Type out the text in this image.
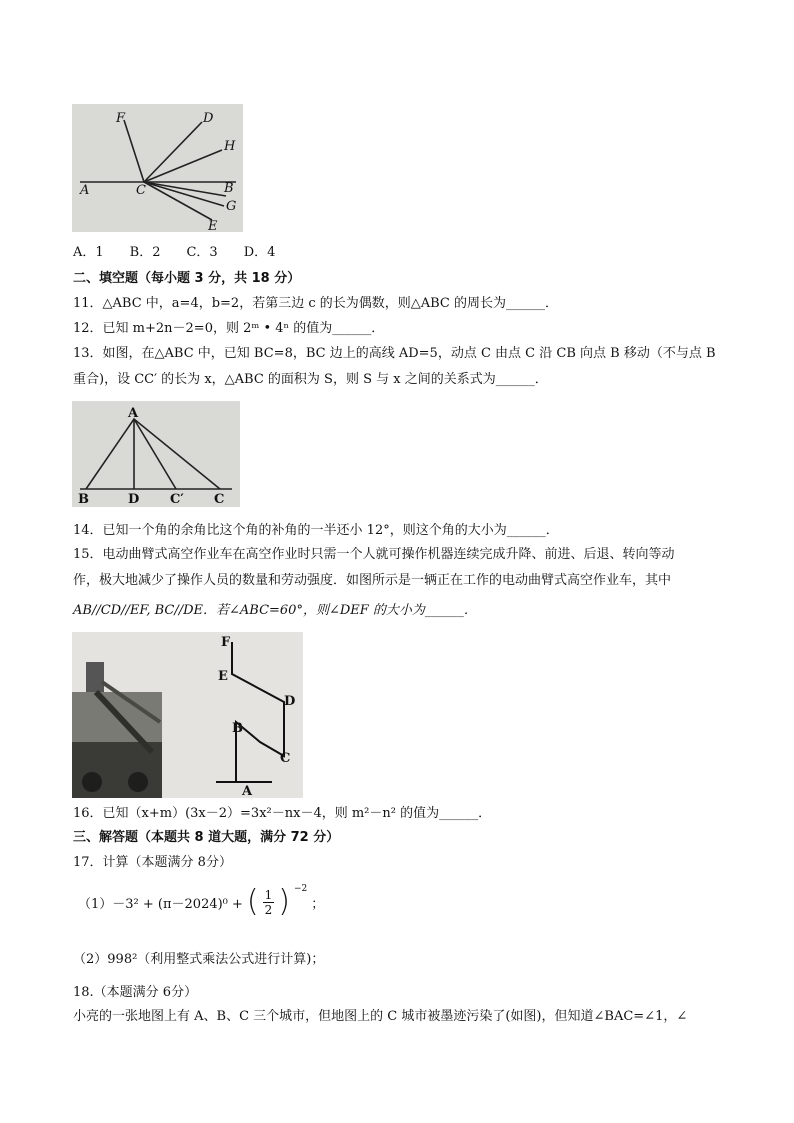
F	D
H
A	C	B
G
E
A．1　　B．2　　C．3　　D．4
二、填空题（每小题 3 分，共 18 分）
11．△ABC 中，a=4，b=2，若第三边 c 的长为偶数，则△ABC 的周长为______．
12．已知 m+2n－2=0，则 2ᵐ • 4ⁿ 的值为______．
13．如图，在△ABC 中，已知 BC=8，BC 边上的高线 AD=5，动点 C 由点 C 沿 CB 向点 B 移动（不与点 B
重合)，设 CC′ 的长为 x，△ABC 的面积为 S，则 S 与 x 之间的关系式为______．
A
B	D C′ C
14．已知一个角的余角比这个角的补角的一半还小 12°，则这个角的大小为______．
15．电动曲臂式高空作业车在高空作业时只需一个人就可操作机器连续完成升降、前进、后退、转向等动
作，极大地减少了操作人员的数量和劳动强度．如图所示是一辆正在工作的电动曲臂式高空作业车，其中
AB//CD//EF, BC//DE．若∠ABC=60°，则∠DEF 的大小为______．
F
E
D
B
C
A
16．已知（x+m）(3x－2）=3x²－nx－4，则 m²－n² 的值为______．
三、解答题（本题共 8 道大题，满分 72 分）
17．计算（本题满分 8分）
（1）－3² + (π－2024)⁰ + ( $\frac{1}{2}$ ) $^{-2}$
；
（2）998²（利用整式乘法公式进行计算)；
18.（本题满分 6分）
小亮的一张地图上有 A、B、C 三个城市，但地图上的 C 城市被墨迹污染了(如图)，但知道∠BAC=∠1，∠
